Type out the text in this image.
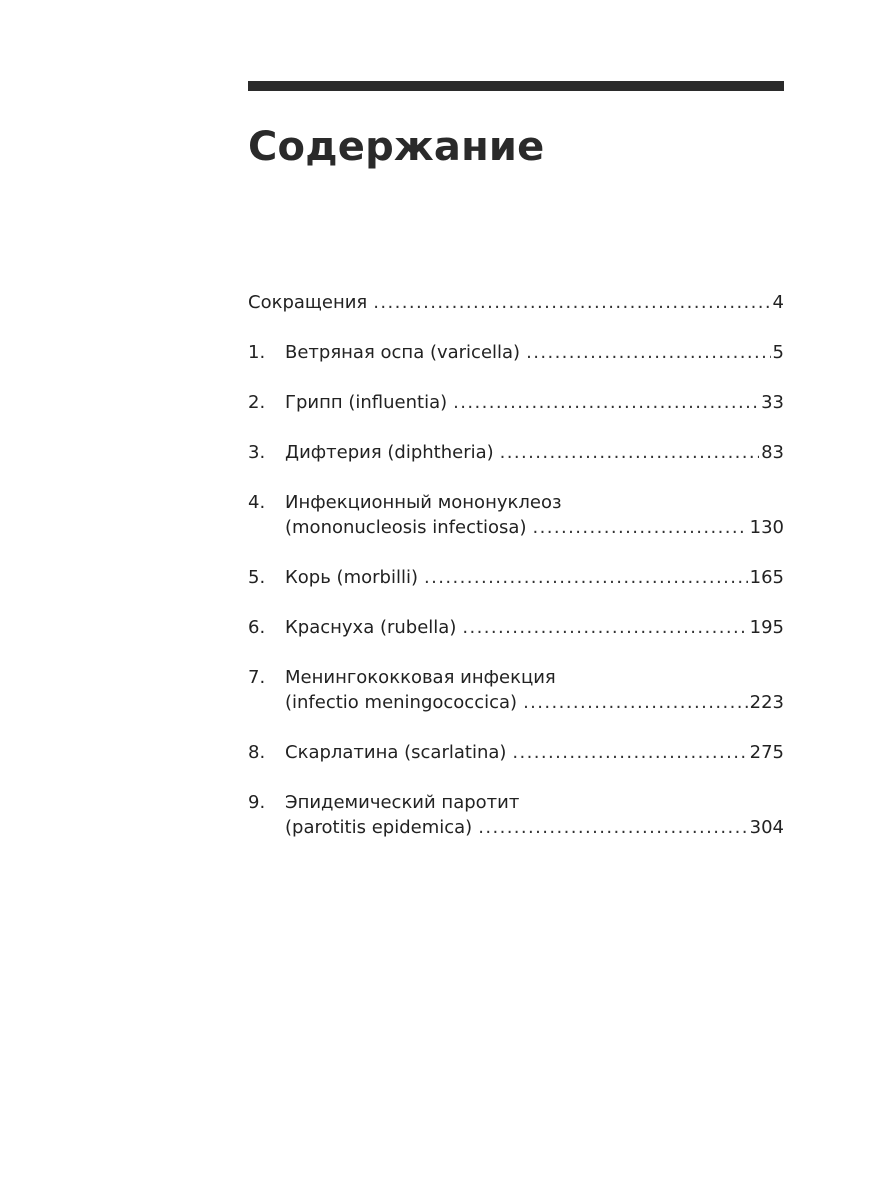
Содержание
Сокращения .....	4
1.	Ветряная оспа (varicella) .....	5
2.	Грипп (influentia) .....	33
3.	Дифтерия (diphtheria) .....	83
4.	Инфекционный мононуклеоз
(mononucleosis infectiosa) .....	130
5.	Корь (morbilli) .....	165
6.	Краснуха (rubella) .....	195
7.	Менингококковая инфекция
(infectio meningococcica) .....	223
8.	Скарлатина (scarlatina) .....	275
9.	Эпидемический паротит
(parotitis epidemica) .....	304
